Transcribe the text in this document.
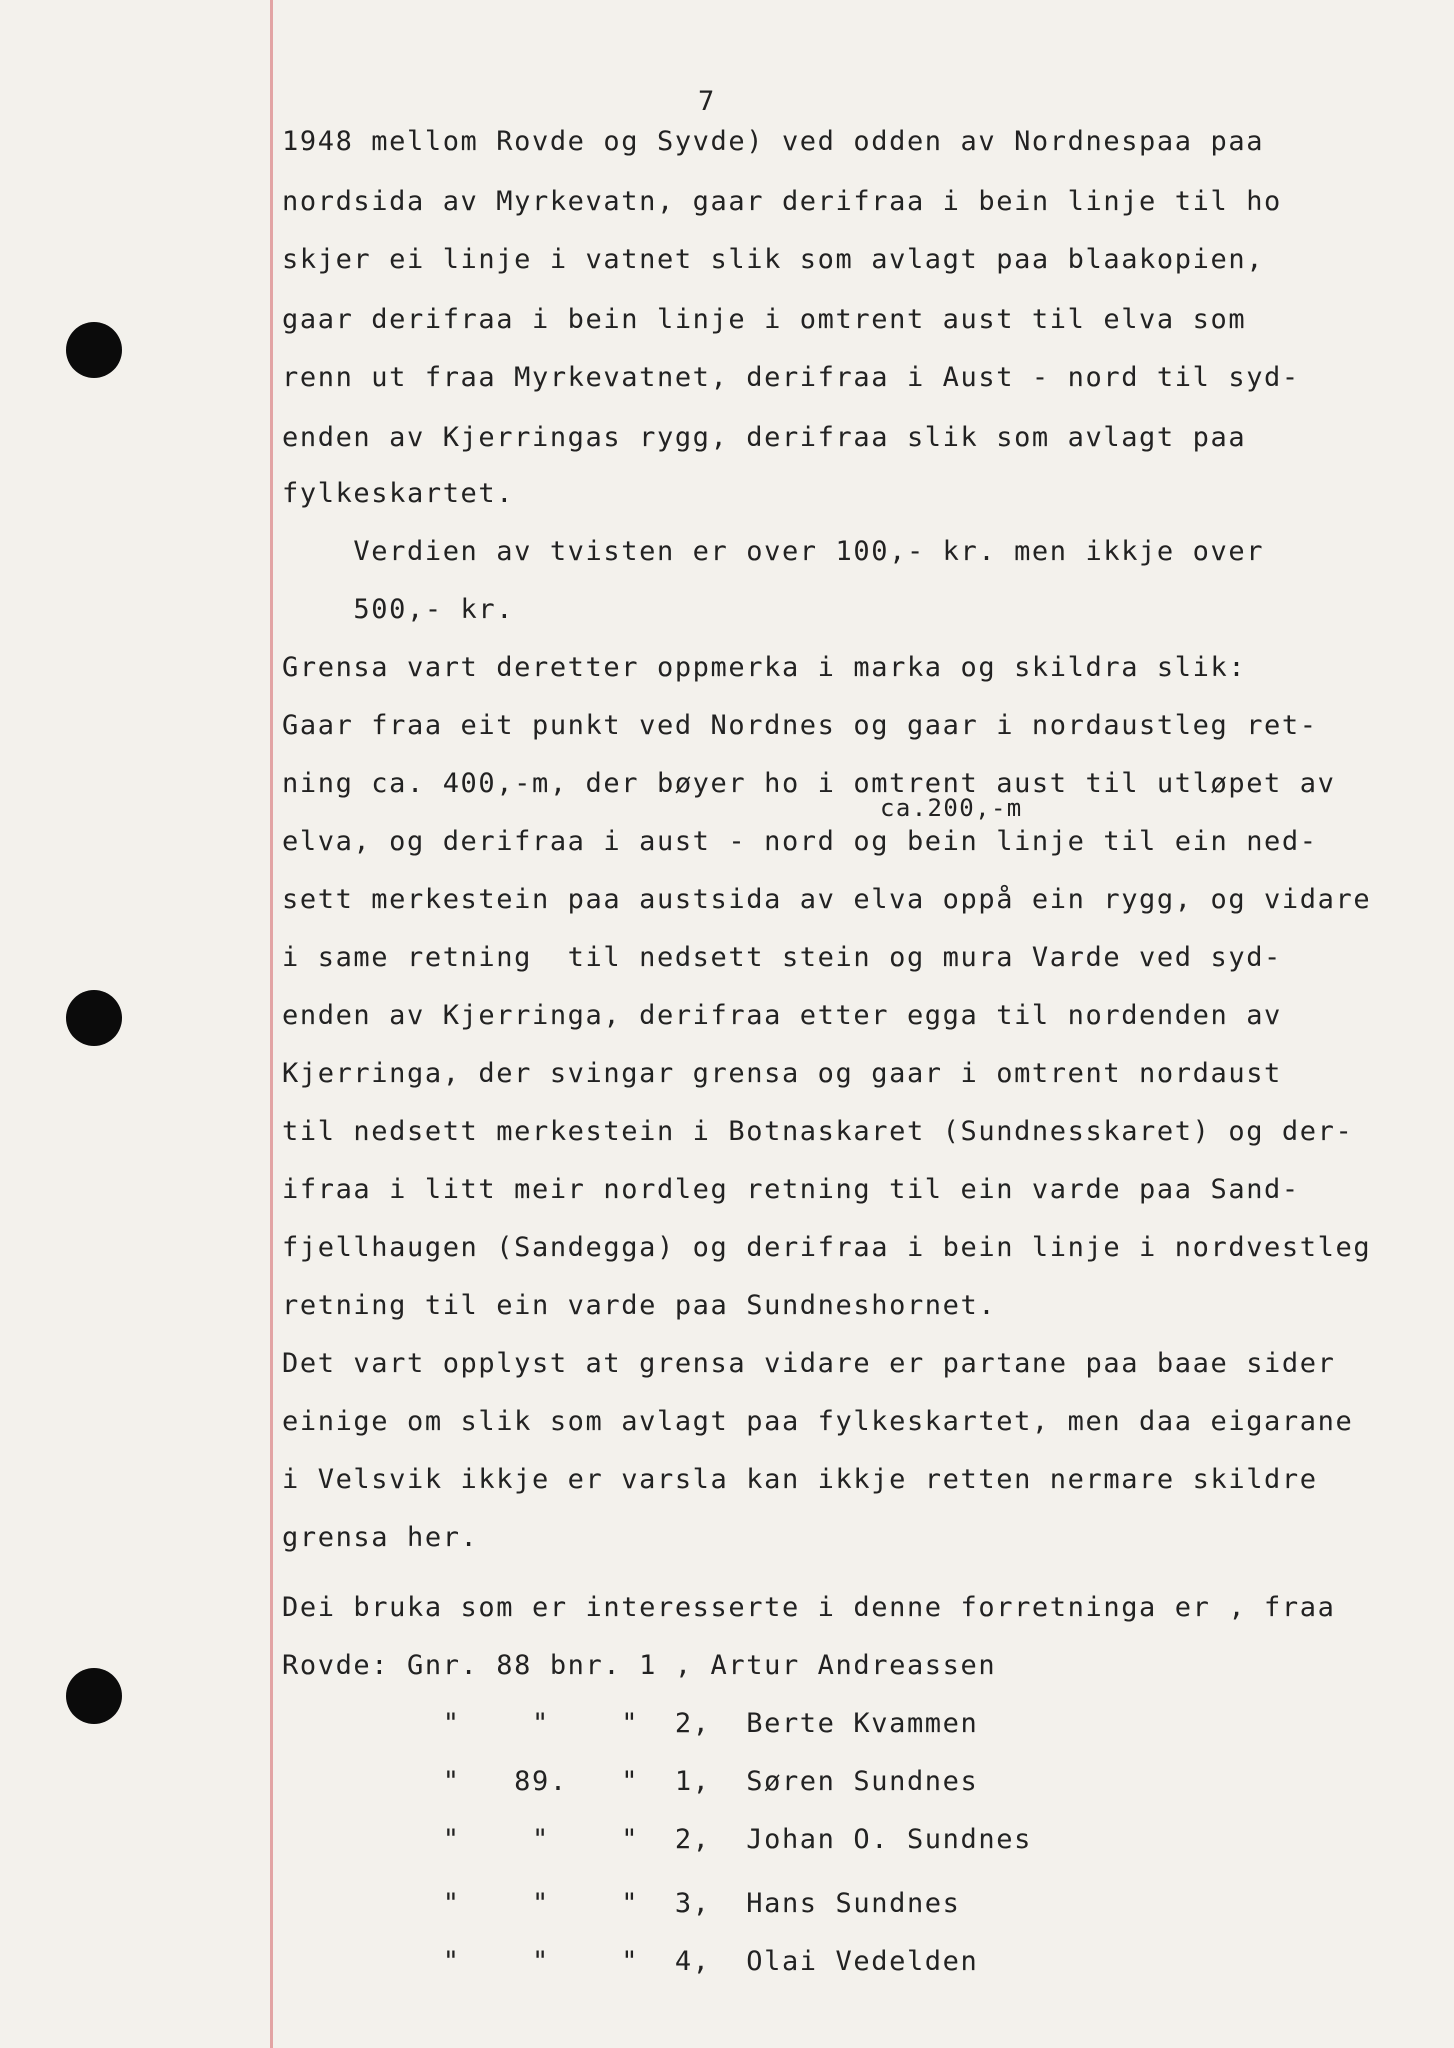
7
1948 mellom Rovde og Syvde) ved odden av Nordnespaa paa
nordsida av Myrkevatn, gaar derifraa i bein linje til ho
skjer ei linje i vatnet slik som avlagt paa blaakopien,
gaar derifraa i bein linje i omtrent aust til elva som
renn ut fraa Myrkevatnet, derifraa i Aust - nord til syd-
enden av Kjerringas rygg, derifraa slik som avlagt paa
fylkeskartet.
Verdien av tvisten er over 100,- kr. men ikkje over
500,- kr.
Grensa vart deretter oppmerka i marka og skildra slik:
Gaar fraa eit punkt ved Nordnes og gaar i nordaustleg ret-
ning ca. 400,-m, der bøyer ho i omtrent aust til utløpet av
ca.200,-m
elva, og derifraa i aust - nord og bein linje til ein ned-
sett merkestein paa austsida av elva oppå ein rygg, og vidare
i same retning  til nedsett stein og mura Varde ved syd-
enden av Kjerringa, derifraa etter egga til nordenden av
Kjerringa, der svingar grensa og gaar i omtrent nordaust
til nedsett merkestein i Botnaskaret (Sundnesskaret) og der-
ifraa i litt meir nordleg retning til ein varde paa Sand-
fjellhaugen (Sandegga) og derifraa i bein linje i nordvestleg
retning til ein varde paa Sundneshornet.
Det vart opplyst at grensa vidare er partane paa baae sider
einige om slik som avlagt paa fylkeskartet, men daa eigarane
i Velsvik ikkje er varsla kan ikkje retten nermare skildre
grensa her.
Dei bruka som er interesserte i denne forretninga er , fraa
Rovde: Gnr. 88 bnr. 1 , Artur Andreassen
"    "    "  2,  Berte Kvammen
"   89.   "  1,  Søren Sundnes
"    "    "  2,  Johan O. Sundnes
"    "    "  3,  Hans Sundnes
"    "    "  4,  Olai Vedelden
